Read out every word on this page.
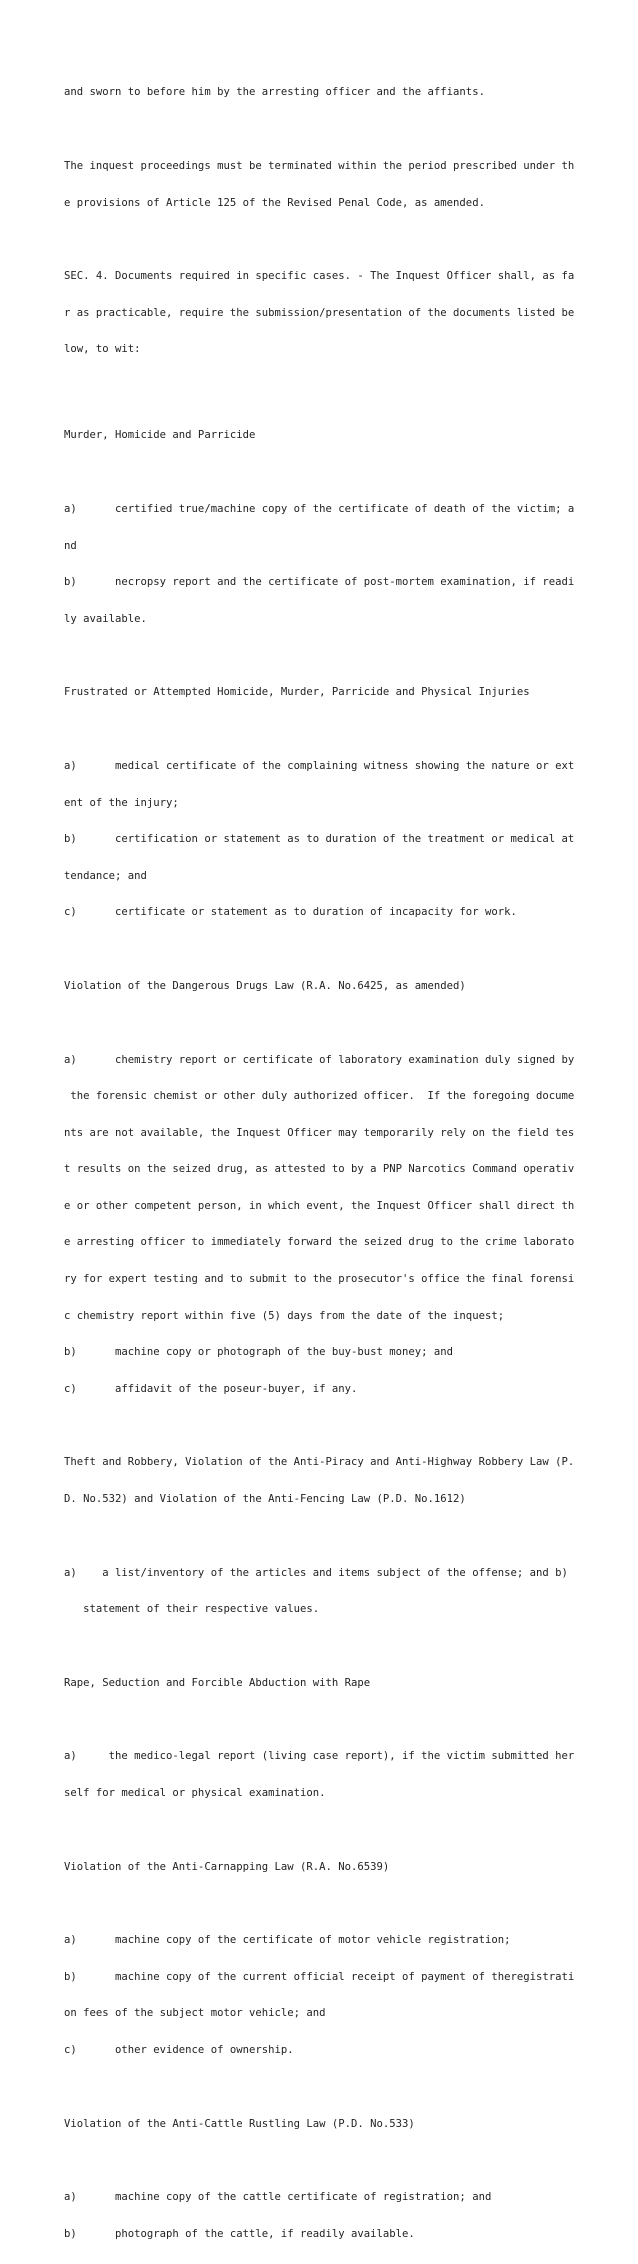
and sworn to before him by the arresting officer and the affiants.

The inquest proceedings must be terminated within the period prescribed under th

e provisions of Article 125 of the Revised Penal Code, as amended.

SEC. 4. Documents required in specific cases. - The Inquest Officer shall, as fa

r as practicable, require the submission/presentation of the documents listed be

low, to wit:

Murder, Homicide and Parricide

a)      certified true/machine copy of the certificate of death of the victim; a

nd

b)      necropsy report and the certificate of post-mortem examination, if readi

ly available.

Frustrated or Attempted Homicide, Murder, Parricide and Physical Injuries

a)      medical certificate of the complaining witness showing the nature or ext

ent of the injury;

b)      certification or statement as to duration of the treatment or medical at

tendance; and

c)      certificate or statement as to duration of incapacity for work.

Violation of the Dangerous Drugs Law (R.A. No.6425, as amended)

a)      chemistry report or certificate of laboratory examination duly signed by

the forensic chemist or other duly authorized officer.  If the foregoing docume

nts are not available, the Inquest Officer may temporarily rely on the field tes

t results on the seized drug, as attested to by a PNP Narcotics Command operativ

e or other competent person, in which event, the Inquest Officer shall direct th

e arresting officer to immediately forward the seized drug to the crime laborato

ry for expert testing and to submit to the prosecutor's office the final forensi

c chemistry report within five (5) days from the date of the inquest;

b)      machine copy or photograph of the buy-bust money; and

c)      affidavit of the poseur-buyer, if any.

Theft and Robbery, Violation of the Anti-Piracy and Anti-Highway Robbery Law (P.

D. No.532) and Violation of the Anti-Fencing Law (P.D. No.1612)

a)    a list/inventory of the articles and items subject of the offense; and b)

statement of their respective values.

Rape, Seduction and Forcible Abduction with Rape

a)     the medico-legal report (living case report), if the victim submitted her

self for medical or physical examination.

Violation of the Anti-Carnapping Law (R.A. No.6539)

a)      machine copy of the certificate of motor vehicle registration;

b)      machine copy of the current official receipt of payment of theregistrati

on fees of the subject motor vehicle; and

c)      other evidence of ownership.

Violation of the Anti-Cattle Rustling Law (P.D. No.533)

a)      machine copy of the cattle certificate of registration; and

b)      photograph of the cattle, if readily available.
